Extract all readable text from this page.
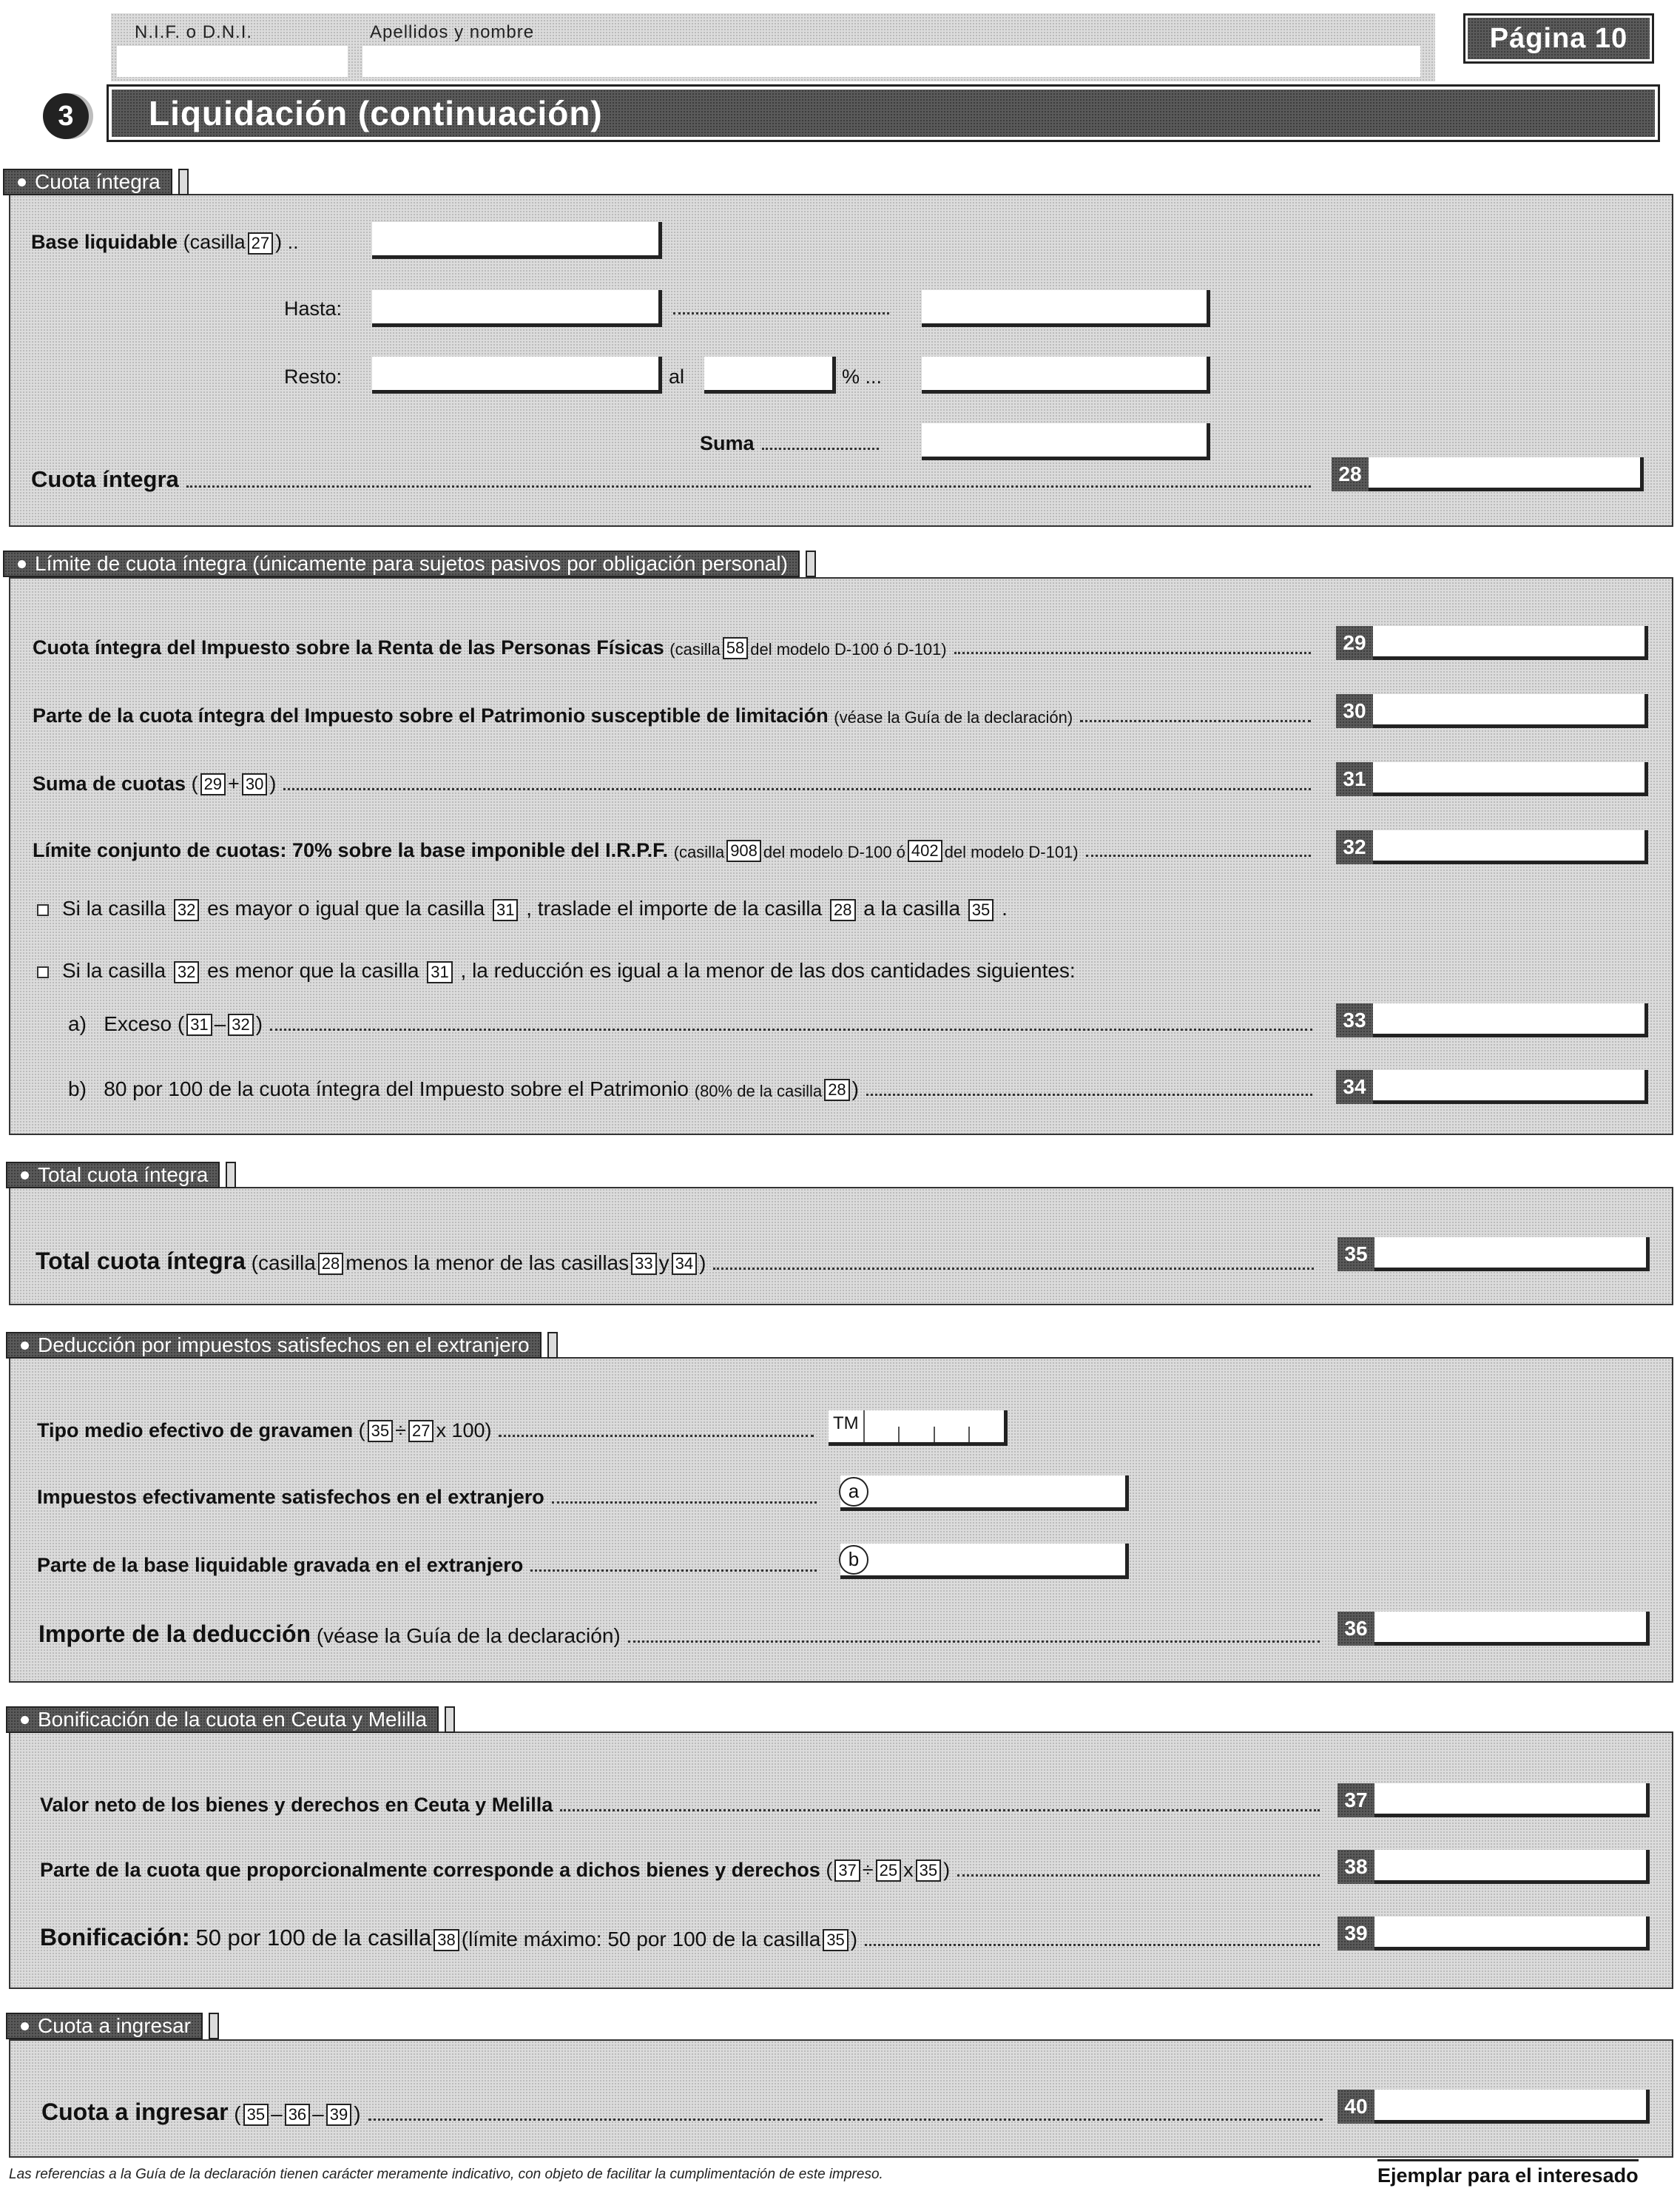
N.I.F. o D.N.I.	Apellidos y nombre	Página 10
3	Liquidación (continuación)
Cuota íntegra
Base liquidable (casilla 27 ) ..
Hasta:
Resto:	al	% ...
Suma
Cuota íntegra	28
Límite de cuota íntegra (únicamente para sujetos pasivos por obligación personal)
Cuota íntegra del Impuesto sobre la Renta de las Personas Físicas
(casilla 58 del modelo D-100 ó D-101)	29
Parte de la cuota íntegra del Impuesto sobre el Patrimonio susceptible de limitación
(véase la Guía de la declaración)	30
Suma de cuotas ( 29 + 30 )	31
Límite conjunto de cuotas: 70% sobre la base imponible del I.R.P.F.
(casilla 908 del modelo D-100 ó 402 del modelo D-101)	32
Si la casilla 32 es mayor o igual que la casilla 31 , traslade el importe de la casilla 28 a la casilla 35 .
Si la casilla 32 es menor que la casilla 31 , la reducción es igual a la menor de las dos cantidades siguientes:
a)
Exceso ( 31 – 32 )	33
b)
80 por 100 de la cuota íntegra del Impuesto sobre el Patrimonio
(80% de la casilla 28 )	34
Total cuota íntegra
Total cuota íntegra
(casilla 28 menos la menor de las casillas 33 y 34 )	35
Deducción por impuestos satisfechos en el extranjero
Tipo medio efectivo de gravamen
( 35 ÷ 27 x 100)	TM
Impuestos efectivamente satisfechos en el extranjero	a
Parte de la base liquidable gravada en el extranjero	b
Importe de la deducción
(véase la Guía de la declaración)	36
Bonificación de la cuota en Ceuta y Melilla
Valor neto de los bienes y derechos en Ceuta y Melilla	37
Parte de la cuota que proporcionalmente corresponde a dichos bienes y derechos
( 37 ÷ 25 x 35 )	38
Bonificación:
50 por 100 de la casilla 38 (límite máximo: 50 por 100 de la casilla 35 )	39
Cuota a ingresar
Cuota a ingresar
( 35 – 36 – 39 )	40
Las referencias a la Guía de la declaración tienen carácter meramente indicativo, con objeto de facilitar la cumplimentación de este impreso.	Ejemplar para el interesado
